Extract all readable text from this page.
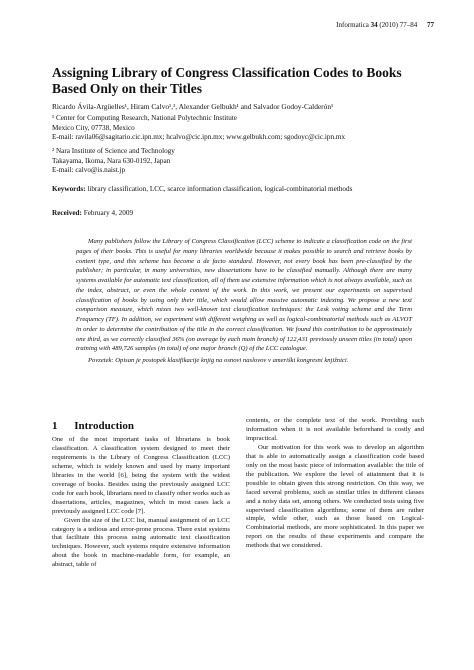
Informatica 34 (2010) 77–84 77
Assigning Library of Congress Classification Codes to Books
Based Only on their Titles
Ricardo Ávila-Argüelles¹, Hiram Calvo¹,², Alexander Gelbukh¹ and Salvador Godoy-Calderón¹
¹ Center for Computing Research, National Polytechnic Institute
Mexico City, 07738, Mexico
E-mail: ravila06@sagitario.cic.ipn.mx; hcalvo@cic.ipn.mx; www.gelbukh.com; sgodoyc@cic.ipn.mx
² Nara Institute of Science and Technology
Takayama, Ikoma, Nara 630-0192, Japan
E-mail: calvo@is.naist.jp
Keywords: library classification, LCC, scarce information classification, logical-combinatorial methods
Received: February 4, 2009

Many publishers follow the Library of Congress Classification (LCC) scheme to indicate a classification code on the first pages of their books. This is useful for many libraries worldwide because it makes possible to search and retrieve books by content type, and this scheme has become a de facto standard. However, not every book has been pre-classified by the publisher; in particular, in many universities, new dissertations have to be classified manually. Although there are many systems available for automatic text classification, all of them use extensive information which is not always available, such as the index, abstract, or even the whole content of the work. In this work, we present our experiments on supervised classification of books by using only their title, which would allow massive automatic indexing. We propose a new text comparison measure, which mixes two well-known text classification techniques: the Lesk voting scheme and the Term Frequency (TF). In addition, we experiment with different weighing as well as logical-combinatorial methods such as ALVOT in order to determine the contribution of the title in the correct classification. We found this contribution to be approximately one third, as we correctly classified 36% (on average by each main branch) of 122,431 previously unseen titles (in total) upon training with 489,726 samples (in total) of one major branch (Q) of the LCC catalogue.

Povzetek: Opisan je postopek klasifikacije knjig na osnovi naslovov v ameriški kongresni knjižnici.

1 Introduction

One of the most important tasks of librarians is book classification. A classification system designed to meet their requirements is the Library of Congress Classification (LCC) scheme, which is widely known and used by many important libraries in the world [6], being the system with the widest coverage of books. Besides using the previously assigned LCC code for each book, librarians need to classify other works such as dissertations, articles, magazines, which in most cases lack a previously assigned LCC code [7].

Given the size of the LCC list, manual assignment of an LCC category is a tedious and error-prone process. There exist systems that facilitate this process using automatic text classification techniques. However, such systems require extensive information about the book in machine-readable form, for example, an abstract, table of

contents, or the complete text of the work. Providing such information when it is not available beforehand is costly and impractical.

Our motivation for this work was to develop an algorithm that is able to automatically assign a classification code based only on the most basic piece of information available: the title of the publication. We explore the level of attainment that it is possible to obtain given this strong restriction. On this way, we faced several problems, such as similar titles in different classes and a noisy data set, among others. We conducted tests using five supervised classification algorithms; some of them are rather simple, while other, such as those based on Logical-Combinatorial methods, are more sophisticated. In this paper we report on the results of these experiments and compare the methods that we considered.
